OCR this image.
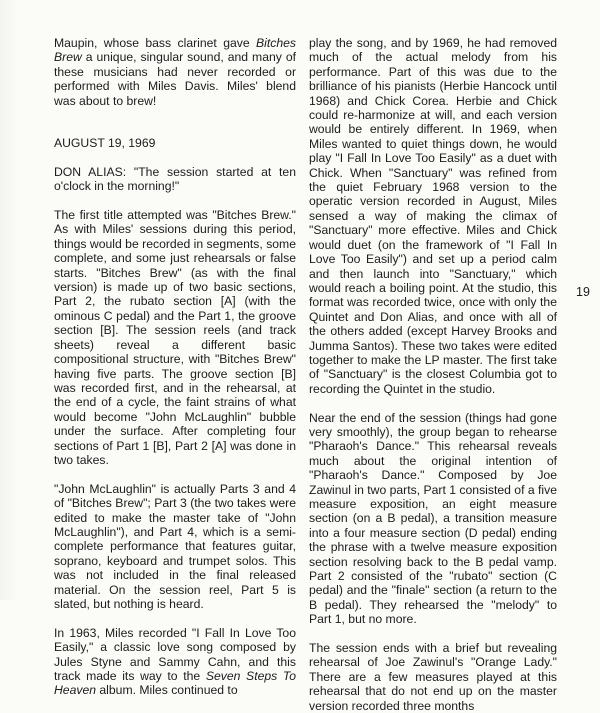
Maupin, whose bass clarinet gave Bitches Brew a unique, singular sound, and many of these musicians had never recorded or performed with Miles Davis. Miles' blend was about to brew!

AUGUST 19, 1969

DON ALIAS: "The session started at ten o'clock in the morning!"

The first title attempted was "Bitches Brew." As with Miles' sessions during this period, things would be recorded in segments, some complete, and some just rehearsals or false starts. "Bitches Brew" (as with the final version) is made up of two basic sections, Part 2, the rubato section [A] (with the ominous C pedal) and the Part 1, the groove section [B]. The session reels (and track sheets) reveal a different basic compositional structure, with "Bitches Brew" having five parts. The groove section [B] was recorded first, and in the rehearsal, at the end of a cycle, the faint strains of what would become "John McLaughlin" bubble under the surface. After completing four sections of Part 1 [B], Part 2 [A] was done in two takes.

"John McLaughlin" is actually Parts 3 and 4 of "Bitches Brew"; Part 3 (the two takes were edited to make the master take of "John McLaughlin"), and Part 4, which is a semi-complete performance that features guitar, soprano, keyboard and trumpet solos. This was not included in the final released material. On the session reel, Part 5 is slated, but nothing is heard.

In 1963, Miles recorded "I Fall In Love Too Easily," a classic love song composed by Jules Styne and Sammy Cahn, and this track made its way to the Seven Steps To Heaven album. Miles continued to

play the song, and by 1969, he had removed much of the actual melody from his performance. Part of this was due to the brilliance of his pianists (Herbie Hancock until 1968) and Chick Corea. Herbie and Chick could re-harmonize at will, and each version would be entirely different. In 1969, when Miles wanted to quiet things down, he would play "I Fall In Love Too Easily" as a duet with Chick. When "Sanctuary" was refined from the quiet February 1968 version to the operatic version recorded in August, Miles sensed a way of making the climax of "Sanctuary" more effective. Miles and Chick would duet (on the framework of "I Fall In Love Too Easily") and set up a period calm and then launch into "Sanctuary," which would reach a boiling point. At the studio, this format was recorded twice, once with only the Quintet and Don Alias, and once with all of the others added (except Harvey Brooks and Jumma Santos). These two takes were edited together to make the LP master. The first take of "Sanctuary" is the closest Columbia got to recording the Quintet in the studio.

Near the end of the session (things had gone very smoothly), the group began to rehearse "Pharaoh's Dance." This rehearsal reveals much about the original intention of "Pharaoh's Dance." Composed by Joe Zawinul in two parts, Part 1 consisted of a five measure exposition, an eight measure section (on a B pedal), a transition measure into a four measure section (D pedal) ending the phrase with a twelve measure exposition section resolving back to the B pedal vamp. Part 2 consisted of the "rubato" section (C pedal) and the "finale" section (a return to the B pedal). They rehearsed the "melody" to Part 1, but no more.

The session ends with a brief but revealing rehearsal of Joe Zawinul's "Orange Lady." There are a few measures played at this rehearsal that do not end up on the master version recorded three months

19
